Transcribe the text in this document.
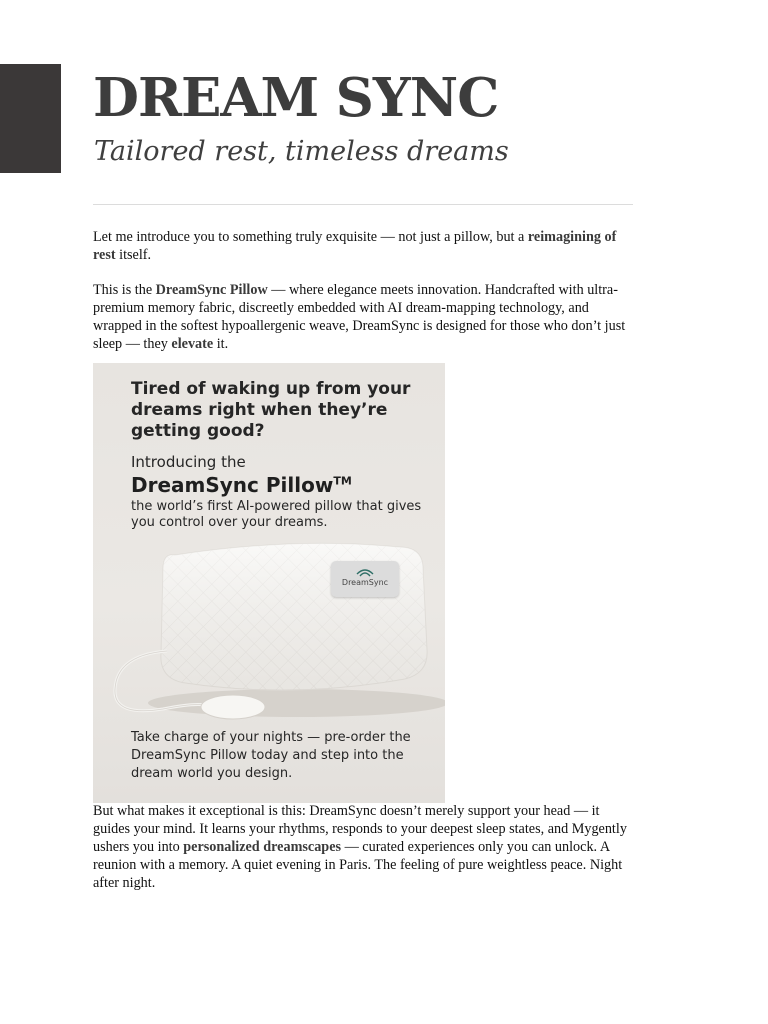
DREAM SYNC
Tailored rest, timeless dreams

Let me introduce you to something truly exquisite — not just a pillow, but a reimagining of rest itself.

This is the DreamSync Pillow — where elegance meets innovation. Handcrafted with ultra-premium memory fabric, discreetly embedded with AI dream-mapping technology, and wrapped in the softest hypoallergenic weave, DreamSync is designed for those who don’t just sleep — they elevate it.

Tired of waking up from your dreams right when they’re getting good?

Introducing the

DreamSync Pillow™

the world’s first AI-powered pillow that gives you control over your dreams.

DreamSync

Take charge of your nights — pre-order the DreamSync Pillow today and step into the dream world you design.

But what makes it exceptional is this: DreamSync doesn’t merely support your head — it guides your mind. It learns your rhythms, responds to your deepest sleep states, and Mygently ushers you into personalized dreamscapes — curated experiences only you can unlock. A reunion with a memory. A quiet evening in Paris. The feeling of pure weightless peace. Night after night.
